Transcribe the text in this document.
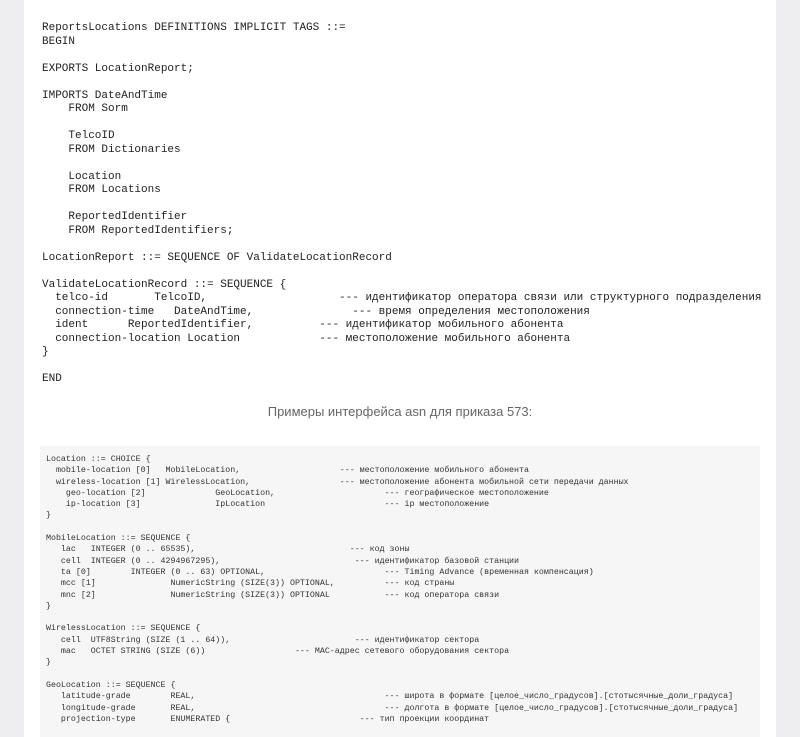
ReportsLocations DEFINITIONS IMPLICIT TAGS ::=
BEGIN

EXPORTS LocationReport;

IMPORTS DateAndTime
FROM Sorm

TelcoID
FROM Dictionaries

Location
FROM Locations

ReportedIdentifier
FROM ReportedIdentifiers;

LocationReport ::= SEQUENCE OF ValidateLocationRecord

ValidateLocationRecord ::= SEQUENCE {
telco-id       TelcoID,                    --- идентификатор оператора связи или структурного подразделения
connection-time   DateAndTime,               --- время определения местоположения
ident      ReportedIdentifier,          --- идентификатор мобильного абонента
connection-location Location            --- местоположение мобильного абонента
}

END
Примеры интерфейса asn для приказа 573:
Location ::= CHOICE {
mobile-location [0]   MobileLocation,                    --- местоположение мобильного абонента
wireless-location [1] WirelessLocation,                  --- местоположение абонента мобильной сети передачи данных
geo-location [2]              GeoLocation,                      --- географическое местоположение
ip-location [3]               IpLocation                        --- ip местоположение
}

MobileLocation ::= SEQUENCE {
lac   INTEGER (0 .. 65535),                               --- код зоны
cell  INTEGER (0 .. 4294967295),                           --- идентификатор базовой станции
ta [0]        INTEGER (0 .. 63) OPTIONAL,                        --- Timing Advance (временная компенсация)
mcc [1]               NumericString (SIZE(3)) OPTIONAL,          --- код страны
mnc [2]               NumericString (SIZE(3)) OPTIONAL           --- код оператора связи
}

WirelessLocation ::= SEQUENCE {
cell  UTF8String (SIZE (1 .. 64)),                         --- идентификатор сектора
mac   OCTET STRING (SIZE (6))                  --- MAC-адрес сетевого оборудования сектора
}

GeoLocation ::= SEQUENCE {
latitude-grade        REAL,                                      --- широта в формате [целое_число_градусов].[стотысячные_доли_градуса]
longitude-grade       REAL,                                      --- долгота в формате [целое_число_градусов].[стотысячные_доли_градуса]
projection-type       ENUMERATED {                          --- тип проекции координат
